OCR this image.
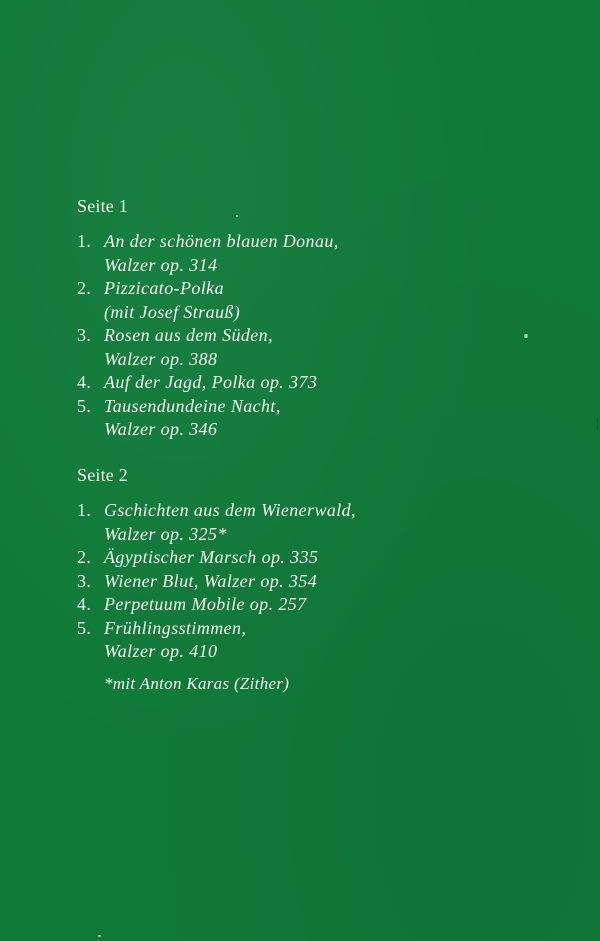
Seite 1
1. An der schönen blauen Donau,
Walzer op. 314
2. Pizzicato-Polka
(mit Josef Strauß)
3. Rosen aus dem Süden,
Walzer op. 388
4. Auf der Jagd, Polka op. 373
5. Tausendundeine Nacht,
Walzer op. 346
Seite 2
1. Gschichten aus dem Wienerwald,
Walzer op. 325*
2. Ägyptischer Marsch op. 335
3. Wiener Blut, Walzer op. 354
4. Perpetuum Mobile op. 257
5. Frühlingsstimmen,
Walzer op. 410
*mit Anton Karas (Zither)
